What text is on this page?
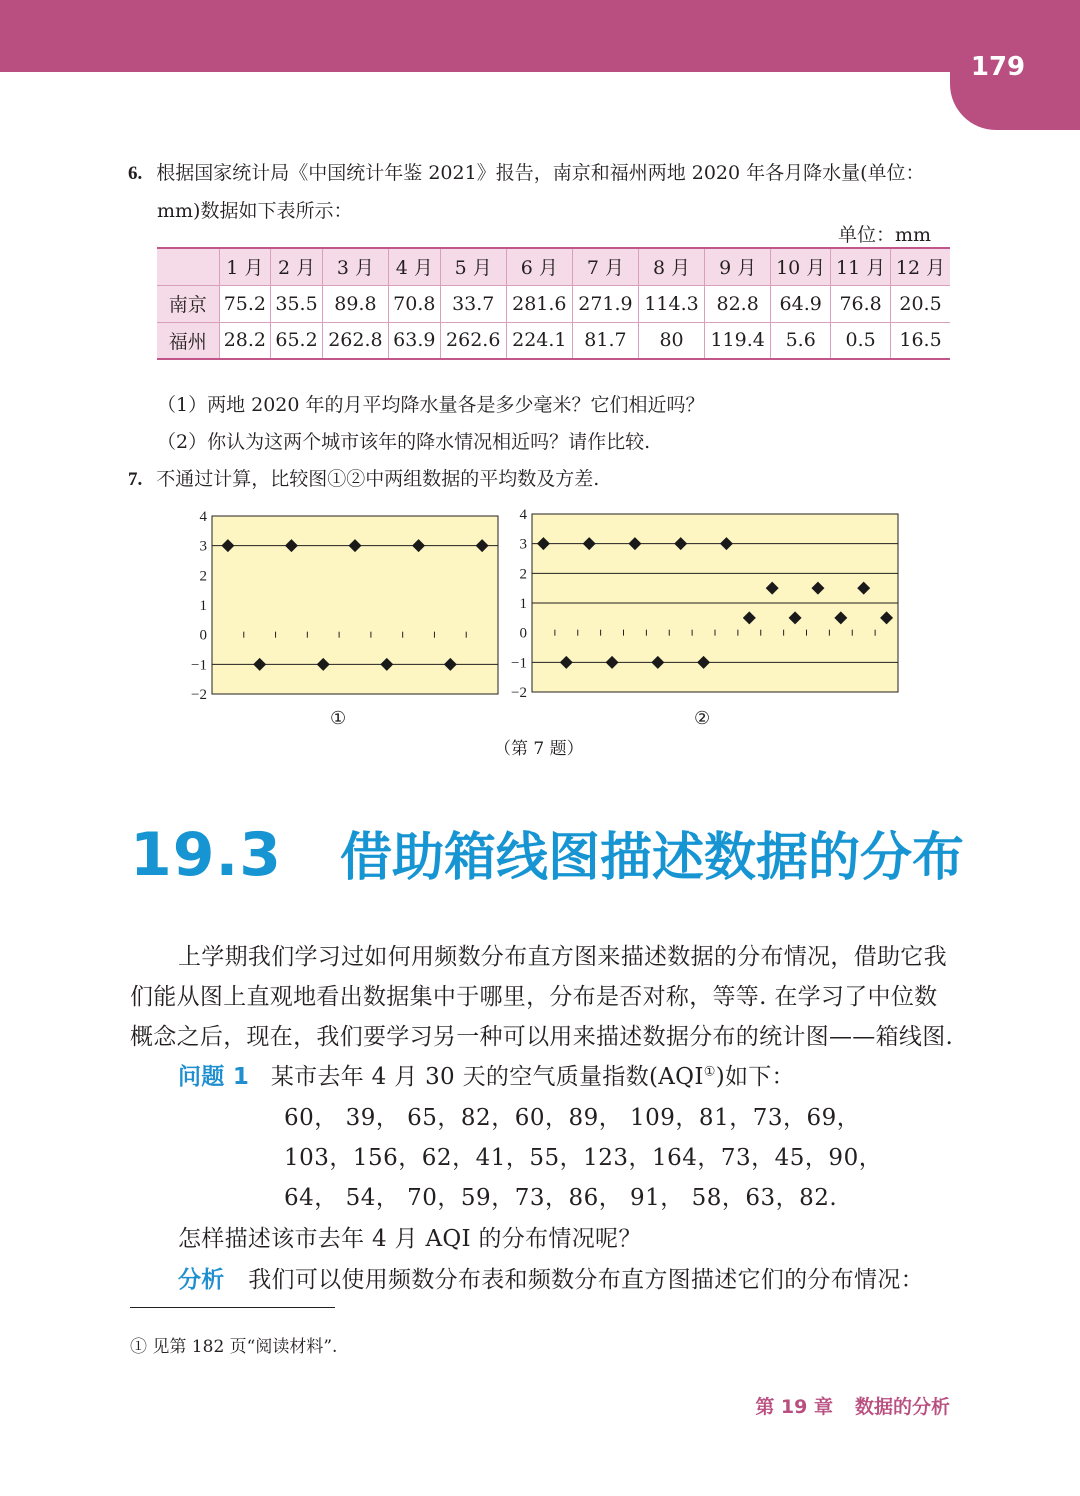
179
6. 根据国家统计局《中国统计年鉴 2021》报告，南京和福州两地 2020 年各月降水量(单位：
mm)数据如下表所示：
单位：mm
	1 月	2 月	3 月	4 月	5 月	6 月	7 月	8 月	9 月	10 月	11 月	12 月
南京	75.2	35.5	89.8	70.8	33.7	281.6	271.9	114.3	82.8	64.9	76.8	20.5
福州	28.2	65.2	262.8	63.9	262.6	224.1	81.7	80	119.4	5.6	0.5	16.5
（1）两地 2020 年的月平均降水量各是多少毫米？它们相近吗？
（2）你认为这两个城市该年的降水情况相近吗？请作比较.
7. 不通过计算，比较图①②中两组数据的平均数及方差.
4
3
2
1
0
−1
−2
4
3
2
1
0
−1
−2
①	②
（第 7 题）
19.3 借助箱线图描述数据的分布
上学期我们学习过如何用频数分布直方图来描述数据的分布情况，借助它我
们能从图上直观地看出数据集中于哪里，分布是否对称，等等. 在学习了中位数
概念之后，现在，我们要学习另一种可以用来描述数据分布的统计图——箱线图.
问题 1 某市去年 4 月 30 天的空气质量指数(AQI①)如下：
60， 39， 65，82，60，89， 109，81，73，69，
103，156，62，41，55，123，164，73，45，90，
64， 54， 70，59，73，86， 91， 58，63，82.
怎样描述该市去年 4 月 AQI 的分布情况呢？
分析 我们可以使用频数分布表和频数分布直方图描述它们的分布情况：
① 见第 182 页“阅读材料”.
第 19 章 数据的分析
